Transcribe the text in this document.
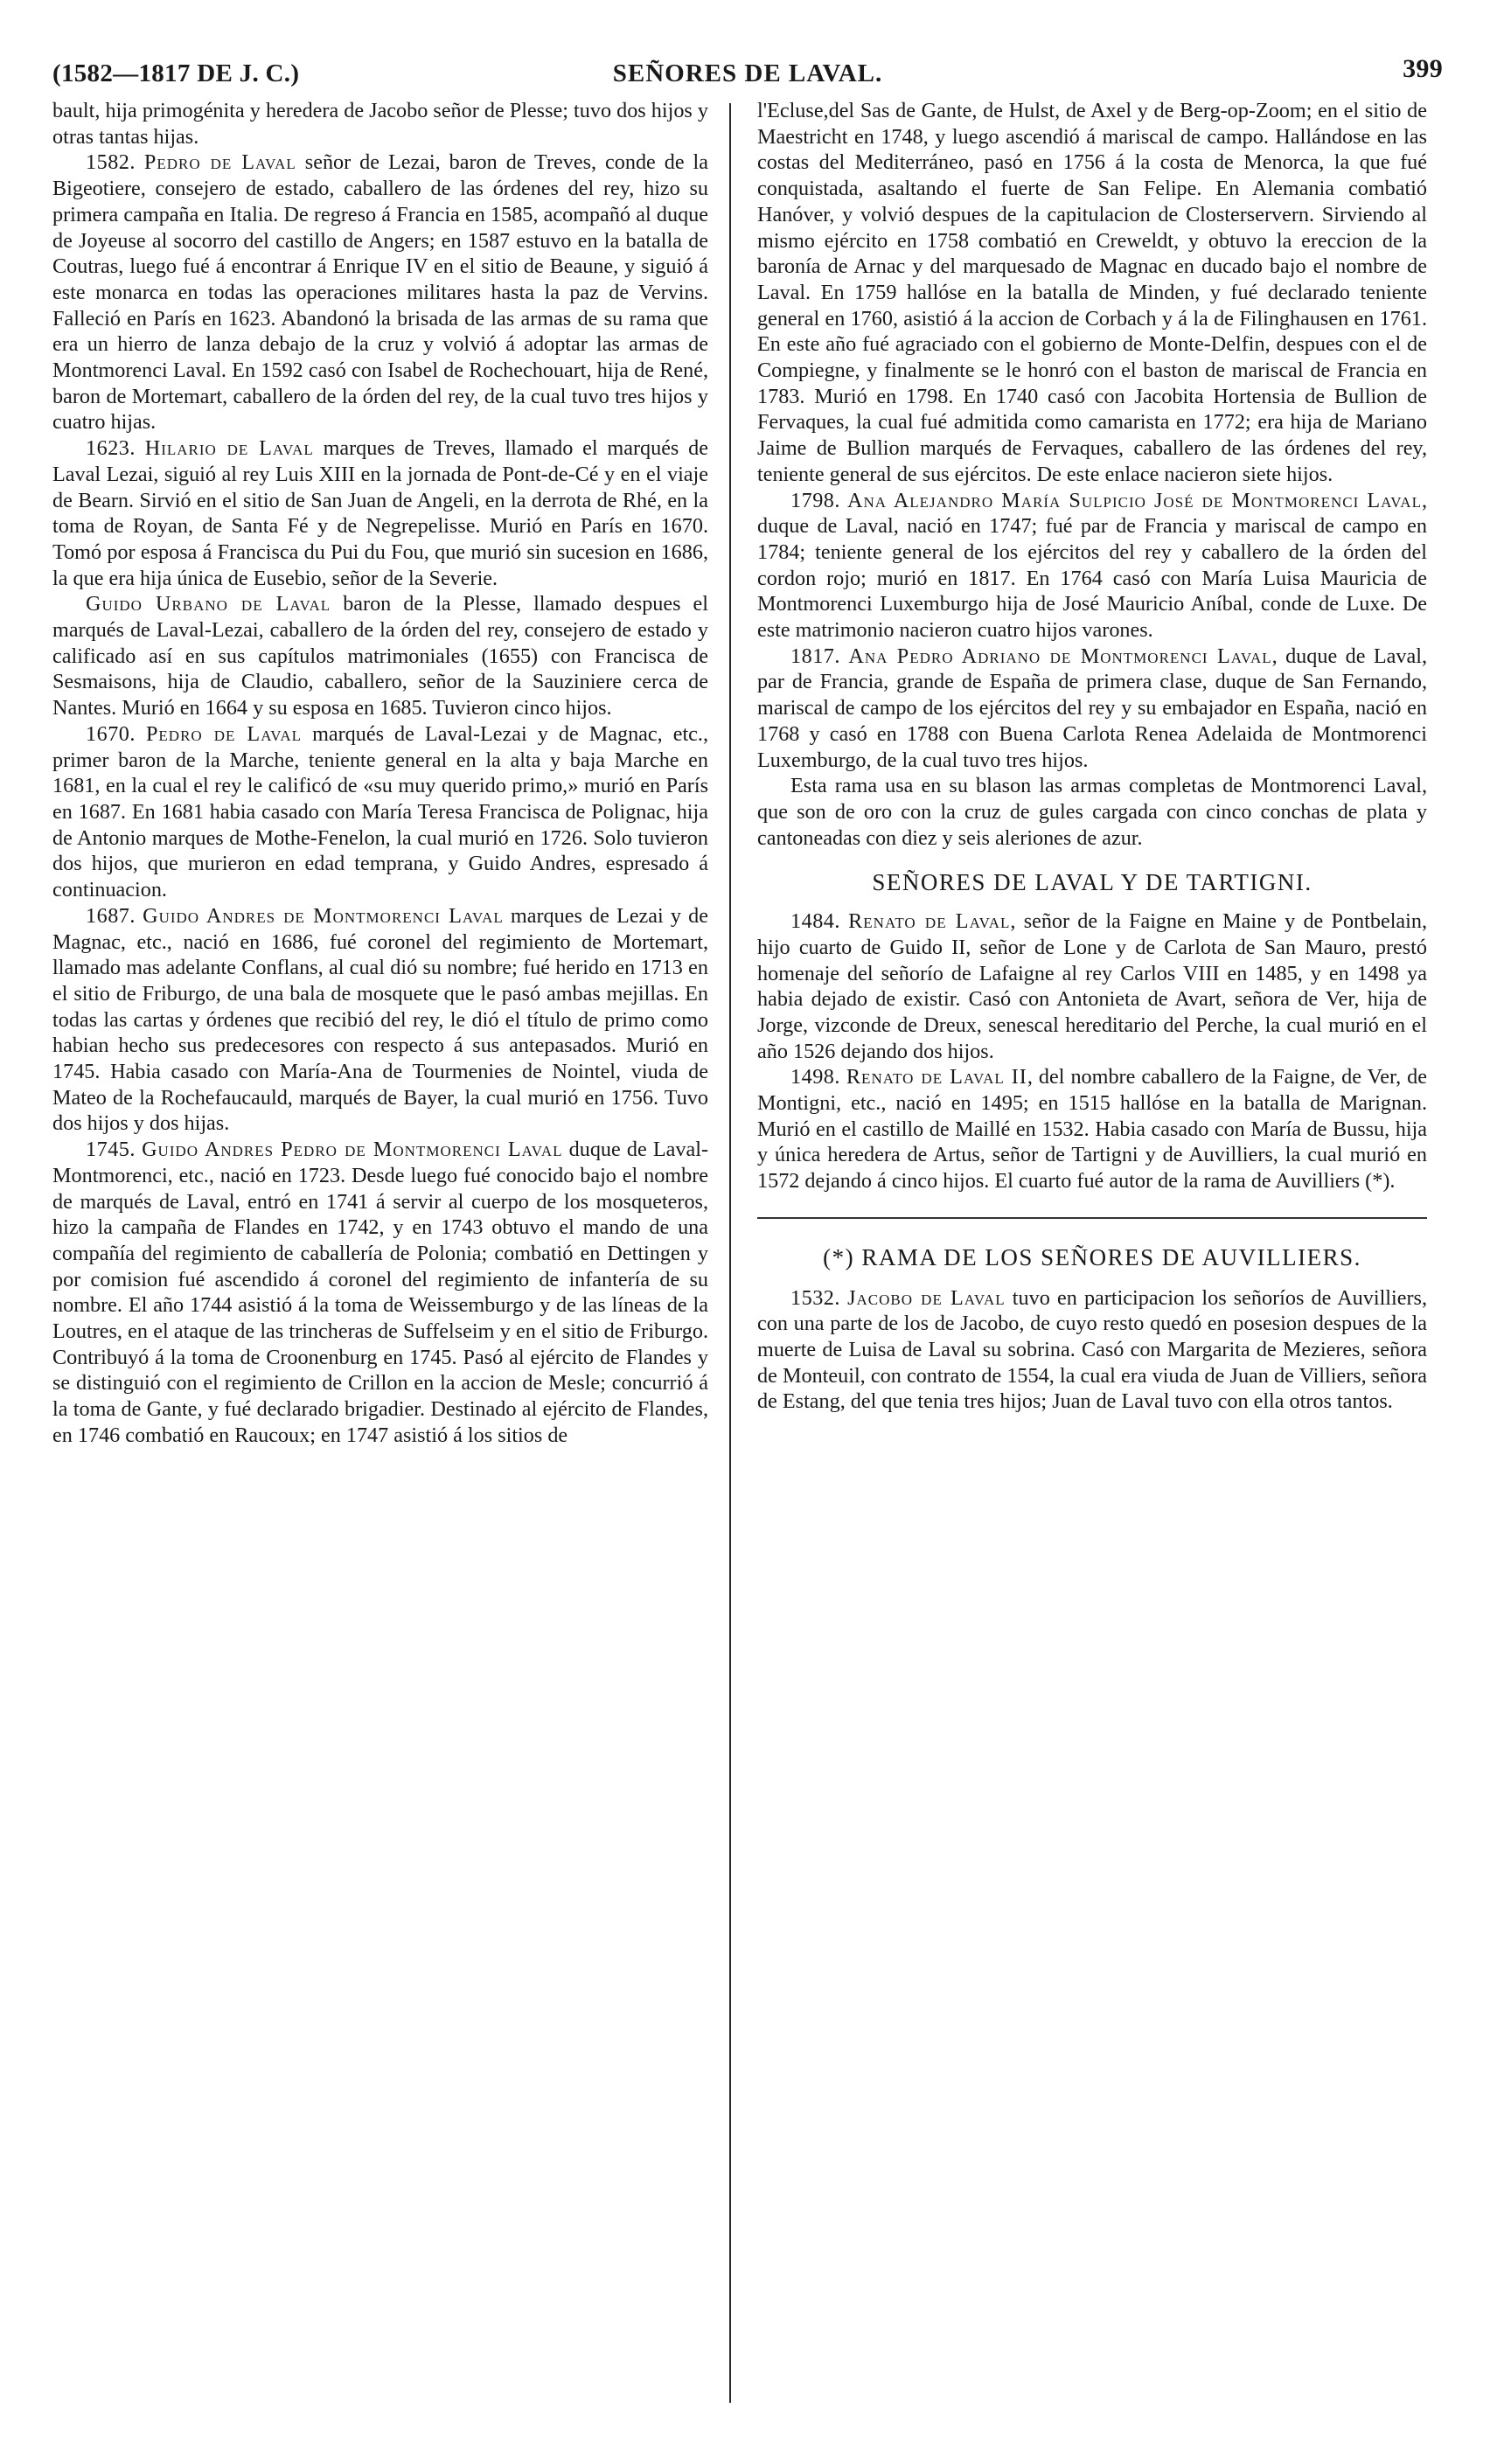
(1582—1817 DE J. C.)	SEÑORES DE LAVAL.	399

bault, hija primogénita y heredera de Jacobo señor de Plesse; tuvo dos hijos y otras tantas hijas.

1582. Pedro de Laval señor de Lezai, baron de Treves, conde de la Bigeotiere, consejero de estado, caballero de las órdenes del rey, hizo su primera campaña en Italia. De regreso á Francia en 1585, acompañó al duque de Joyeuse al socorro del castillo de Angers; en 1587 estuvo en la batalla de Coutras, luego fué á encontrar á Enrique IV en el sitio de Beaune, y siguió á este monarca en todas las operaciones militares hasta la paz de Vervins. Falleció en París en 1623. Abandonó la brisada de las armas de su rama que era un hierro de lanza debajo de la cruz y volvió á adoptar las armas de Montmorenci Laval. En 1592 casó con Isabel de Rochechouart, hija de René, baron de Mortemart, caballero de la órden del rey, de la cual tuvo tres hijos y cuatro hijas.

1623. Hilario de Laval marques de Treves, llamado el marqués de Laval Lezai, siguió al rey Luis XIII en la jornada de Pont-de-Cé y en el viaje de Bearn. Sirvió en el sitio de San Juan de Angeli, en la derrota de Rhé, en la toma de Royan, de Santa Fé y de Negrepelisse. Murió en París en 1670. Tomó por esposa á Francisca du Pui du Fou, que murió sin sucesion en 1686, la que era hija única de Eusebio, señor de la Severie.

Guido Urbano de Laval baron de la Plesse, llamado despues el marqués de Laval-Lezai, caballero de la órden del rey, consejero de estado y calificado así en sus capítulos matrimoniales (1655) con Francisca de Sesmaisons, hija de Claudio, caballero, señor de la Sauziniere cerca de Nantes. Murió en 1664 y su esposa en 1685. Tuvieron cinco hijos.

1670. Pedro de Laval marqués de Laval-Lezai y de Magnac, etc., primer baron de la Marche, teniente general en la alta y baja Marche en 1681, en la cual el rey le calificó de «su muy querido primo,» murió en París en 1687. En 1681 habia casado con María Teresa Francisca de Polignac, hija de Antonio marques de Mothe-Fenelon, la cual murió en 1726. Solo tuvieron dos hijos, que murieron en edad temprana, y Guido Andres, espresado á continuacion.

1687. Guido Andres de Montmorenci Laval marques de Lezai y de Magnac, etc., nació en 1686, fué coronel del regimiento de Mortemart, llamado mas adelante Conflans, al cual dió su nombre; fué herido en 1713 en el sitio de Friburgo, de una bala de mosquete que le pasó ambas mejillas. En todas las cartas y órdenes que recibió del rey, le dió el título de primo como habian hecho sus predecesores con respecto á sus antepasados. Murió en 1745. Habia casado con María-Ana de Tourmenies de Nointel, viuda de Mateo de la Rochefaucauld, marqués de Bayer, la cual murió en 1756. Tuvo dos hijos y dos hijas.

1745. Guido Andres Pedro de Montmorenci Laval duque de Laval-Montmorenci, etc., nació en 1723. Desde luego fué conocido bajo el nombre de marqués de Laval, entró en 1741 á servir al cuerpo de los mosqueteros, hizo la campaña de Flandes en 1742, y en 1743 obtuvo el mando de una compañía del regimiento de caballería de Polonia; combatió en Dettingen y por comision fué ascendido á coronel del regimiento de infantería de su nombre. El año 1744 asistió á la toma de Weissemburgo y de las líneas de la Loutres, en el ataque de las trincheras de Suffelseim y en el sitio de Friburgo. Contribuyó á la toma de Croonenburg en 1745. Pasó al ejército de Flandes y se distinguió con el regimiento de Crillon en la accion de Mesle; concurrió á la toma de Gante, y fué declarado brigadier. Destinado al ejército de Flandes, en 1746 combatió en Raucoux; en 1747 asistió á los sitios de

l'Ecluse,del Sas de Gante, de Hulst, de Axel y de Berg-op-Zoom; en el sitio de Maestricht en 1748, y luego ascendió á mariscal de campo. Hallándose en las costas del Mediterráneo, pasó en 1756 á la costa de Menorca, la que fué conquistada, asaltando el fuerte de San Felipe. En Alemania combatió Hanóver, y volvió despues de la capitulacion de Closterservern. Sirviendo al mismo ejército en 1758 combatió en Creweldt, y obtuvo la ereccion de la baronía de Arnac y del marquesado de Magnac en ducado bajo el nombre de Laval. En 1759 hallóse en la batalla de Minden, y fué declarado teniente general en 1760, asistió á la accion de Corbach y á la de Filinghausen en 1761. En este año fué agraciado con el gobierno de Monte-Delfin, despues con el de Compiegne, y finalmente se le honró con el baston de mariscal de Francia en 1783. Murió en 1798. En 1740 casó con Jacobita Hortensia de Bullion de Fervaques, la cual fué admitida como camarista en 1772; era hija de Mariano Jaime de Bullion marqués de Fervaques, caballero de las órdenes del rey, teniente general de sus ejércitos. De este enlace nacieron siete hijos.

1798. Ana Alejandro María Sulpicio José de Montmorenci Laval, duque de Laval, nació en 1747; fué par de Francia y mariscal de campo en 1784; teniente general de los ejércitos del rey y caballero de la órden del cordon rojo; murió en 1817. En 1764 casó con María Luisa Mauricia de Montmorenci Luxemburgo hija de José Mauricio Aníbal, conde de Luxe. De este matrimonio nacieron cuatro hijos varones.

1817. Ana Pedro Adriano de Montmorenci Laval, duque de Laval, par de Francia, grande de España de primera clase, duque de San Fernando, mariscal de campo de los ejércitos del rey y su embajador en España, nació en 1768 y casó en 1788 con Buena Carlota Renea Adelaida de Montmorenci Luxemburgo, de la cual tuvo tres hijos.

Esta rama usa en su blason las armas completas de Montmorenci Laval, que son de oro con la cruz de gules cargada con cinco conchas de plata y cantoneadas con diez y seis aleriones de azur.

SEÑORES DE LAVAL Y DE TARTIGNI.

1484. Renato de Laval, señor de la Faigne en Maine y de Pontbelain, hijo cuarto de Guido II, señor de Lone y de Carlota de San Mauro, prestó homenaje del señorío de Lafaigne al rey Carlos VIII en 1485, y en 1498 ya habia dejado de existir. Casó con Antonieta de Avart, señora de Ver, hija de Jorge, vizconde de Dreux, senescal hereditario del Perche, la cual murió en el año 1526 dejando dos hijos.

1498. Renato de Laval II, del nombre caballero de la Faigne, de Ver, de Montigni, etc., nació en 1495; en 1515 hallóse en la batalla de Marignan. Murió en el castillo de Maillé en 1532. Habia casado con María de Bussu, hija y única heredera de Artus, señor de Tartigni y de Auvilliers, la cual murió en 1572 dejando á cinco hijos. El cuarto fué autor de la rama de Auvilliers (*).

(*) RAMA DE LOS SEÑORES DE AUVILLIERS.

1532. Jacobo de Laval tuvo en participacion los señoríos de Auvilliers, con una parte de los de Jacobo, de cuyo resto quedó en posesion despues de la muerte de Luisa de Laval su sobrina. Casó con Margarita de Mezieres, señora de Monteuil, con contrato de 1554, la cual era viuda de Juan de Villiers, señora de Estang, del que tenia tres hijos; Juan de Laval tuvo con ella otros tantos.
